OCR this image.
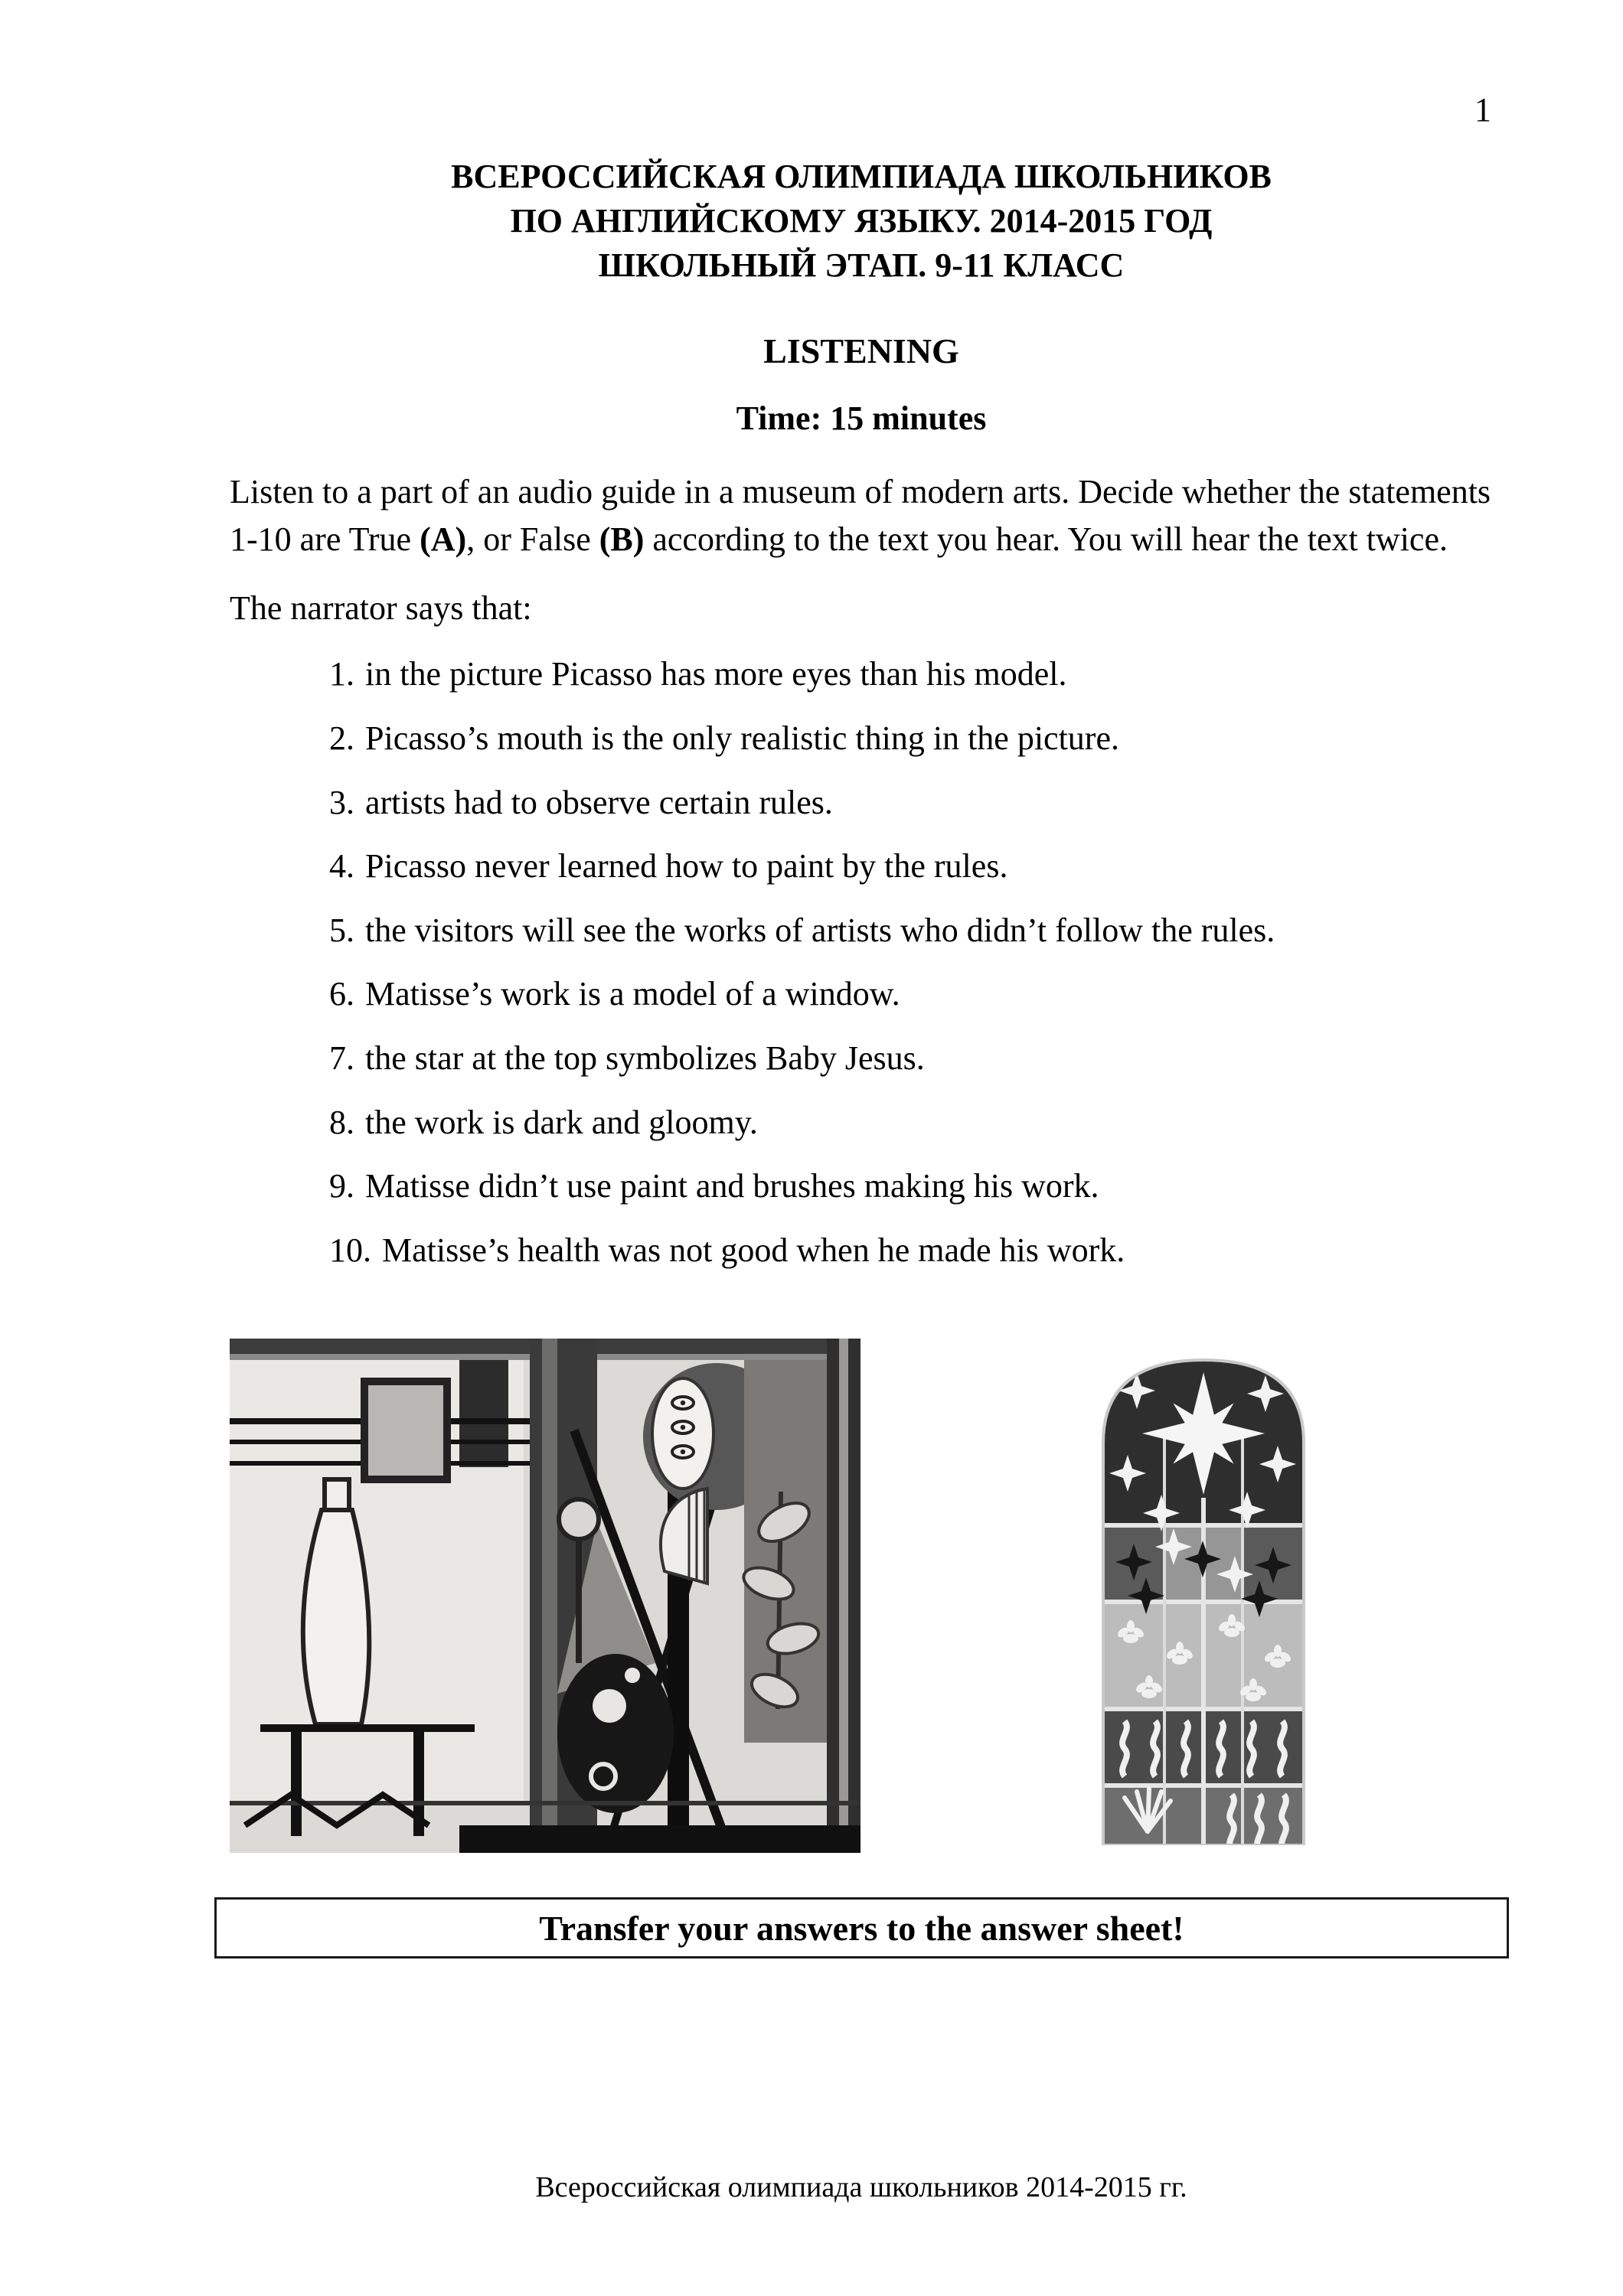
1
ВСЕРОССИЙСКАЯ ОЛИМПИАДА ШКОЛЬНИКОВ
ПО АНГЛИЙСКОМУ ЯЗЫКУ. 2014-2015 ГОД
ШКОЛЬНЫЙ ЭТАП. 9-11 КЛАСС
LISTENING
Time: 15 minutes

Listen to a part of an audio guide in a museum of modern arts. Decide whether the statements 1-10 are True (A), or False (B) according to the text you hear. You will hear the text twice.

The narrator says that:
1. in the picture Picasso has more eyes than his model.
2. Picasso’s mouth is the only realistic thing in the picture.
3. artists had to observe certain rules.
4. Picasso never learned how to paint by the rules.
5. the visitors will see the works of artists who didn’t follow the rules.
6. Matisse’s work is a model of a window.
7. the star at the top symbolizes Baby Jesus.
8. the work is dark and gloomy.
9. Matisse didn’t use paint and brushes making his work.
10. Matisse’s health was not good when he made his work.
Transfer your answers to the answer sheet!
Всероссийская олимпиада школьников 2014-2015 гг.
